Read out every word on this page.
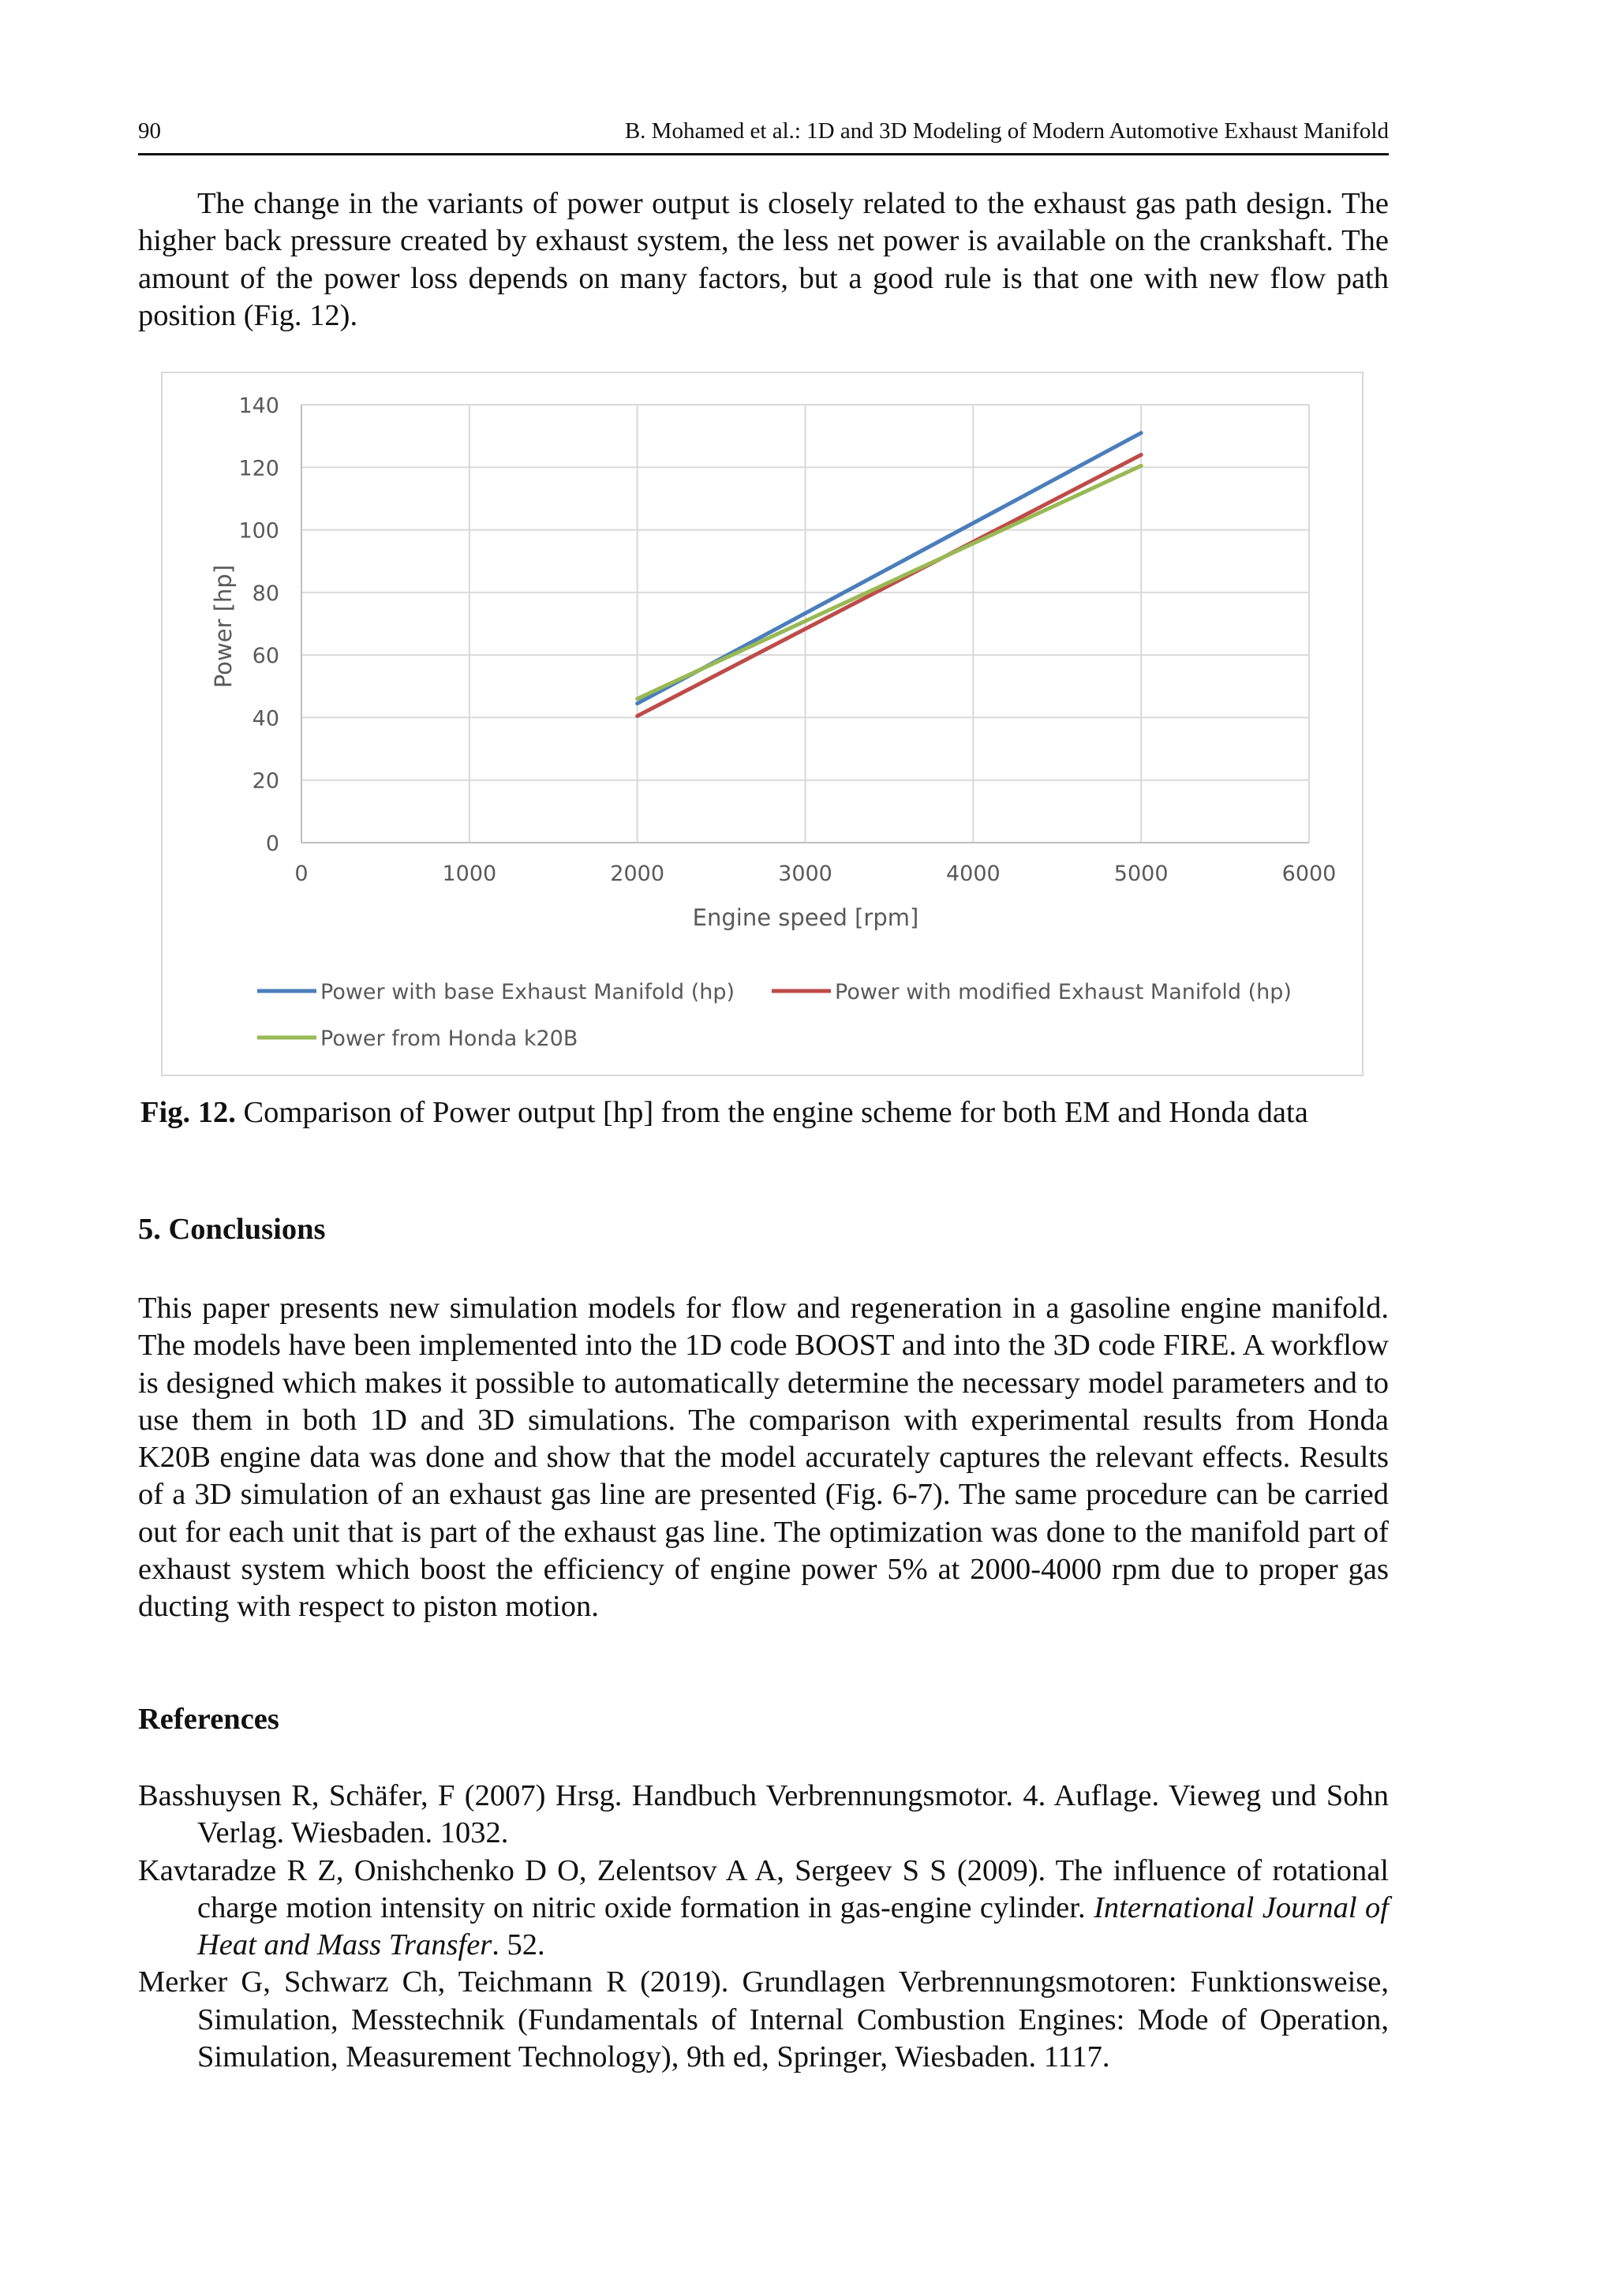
90	B. Mohamed et al.: 1D and 3D Modeling of Modern Automotive Exhaust Manifold

The change in the variants of power output is closely related to the exhaust gas path design. The higher back pressure created by exhaust system, the less net power is available on the crankshaft. The amount of the power loss depends on many factors, but a good rule is that one with new flow path position (Fig. 12).

0
20
40
60
80
100
120
140
0	1000	2000	3000	4000	5000	6000
Engine speed [rpm]
Power [hp]
Power with base Exhaust Manifold (hp)	Power with modified Exhaust Manifold (hp)
Power from Honda k20B
Fig. 12. Comparison of Power output [hp] from the engine scheme for both EM and Honda data
5. Conclusions

This paper presents new simulation models for flow and regeneration in a gasoline engine manifold. The models have been implemented into the 1D code BOOST and into the 3D code FIRE. A workflow is designed which makes it possible to automatically determine the necessary model parameters and to use them in both 1D and 3D simulations. The comparison with experimental results from Honda K20B engine data was done and show that the model accurately captures the relevant effects. Results of a 3D simulation of an exhaust gas line are presented (Fig. 6-7). The same procedure can be carried out for each unit that is part of the exhaust gas line. The optimization was done to the manifold part of exhaust system which boost the efficiency of engine power 5% at 2000-4000 rpm due to proper gas ducting with respect to piston motion.

References

Basshuysen R, Schäfer, F (2007) Hrsg. Handbuch Verbrennungsmotor. 4. Auflage. Vieweg und Sohn Verlag. Wiesbaden. 1032.

Kavtaradze R Z, Onishchenko D O, Zelentsov A A, Sergeev S S (2009). The influence of rotational charge motion intensity on nitric oxide formation in gas-engine cylinder. International Journal of Heat and Mass Transfer. 52.

Merker G, Schwarz Ch, Teichmann R (2019). Grundlagen Verbrennungsmotoren: Funktionsweise, Simulation, Messtechnik (Fundamentals of Internal Combustion Engines: Mode of Operation, Simulation, Measurement Technology), 9th ed, Springer, Wiesbaden. 1117.
